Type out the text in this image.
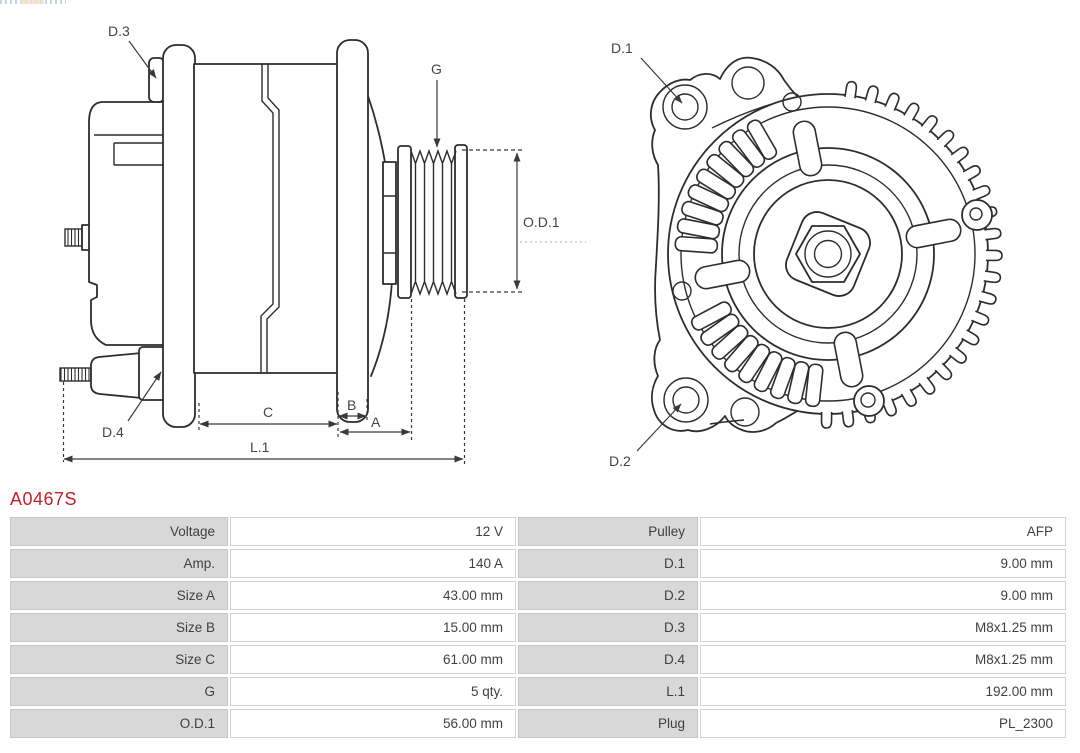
D.3
G
O.D.1
D.4
C	B
A
L.1
D.1
D.2
A0467S
Voltage	12 V	Pulley	AFP
Amp.	140 A	D.1	9.00 mm
Size A	43.00 mm	D.2	9.00 mm
Size B	15.00 mm	D.3	M8x1.25 mm
Size C	61.00 mm	D.4	M8x1.25 mm
G	5 qty.	L.1	192.00 mm
O.D.1	56.00 mm	Plug	PL_2300
